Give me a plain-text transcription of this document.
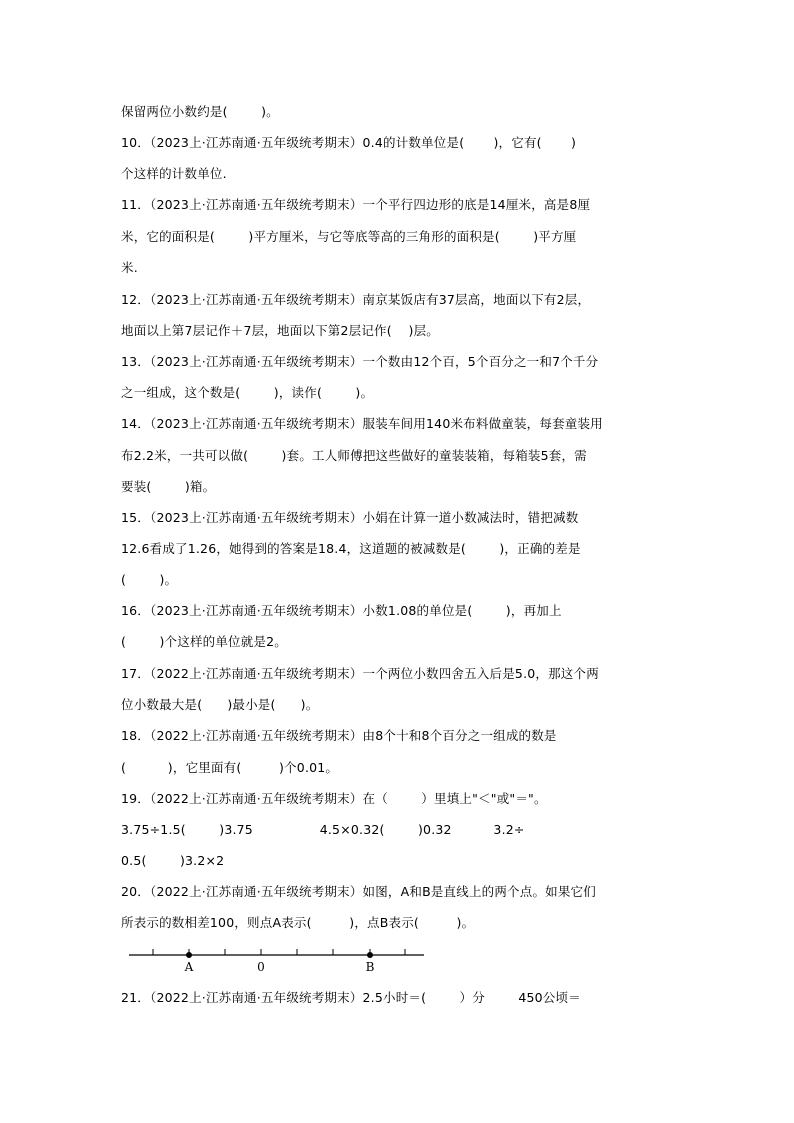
保留两位小数约是(        )。
10．（2023上·江苏南通·五年级统考期末）0.4的计数单位是(       )，它有(       )
个这样的计数单位.
11．（2023上·江苏南通·五年级统考期末）一个平行四边形的底是14厘米，高是8厘
米，它的面积是(        )平方厘米，与它等底等高的三角形的面积是(        )平方厘
米.
12．（2023上·江苏南通·五年级统考期末）南京某饭店有37层高，地面以下有2层，
地面以上第7层记作＋7层，地面以下第2层记作(    )层。
13．（2023上·江苏南通·五年级统考期末）一个数由12个百，5个百分之一和7个千分
之一组成，这个数是(        )，读作(        )。
14．（2023上·江苏南通·五年级统考期末）服装车间用140米布料做童装，每套童装用
布2.2米，一共可以做(        )套。工人师傅把这些做好的童装装箱，每箱装5套，需
要装(        )箱。
15．（2023上·江苏南通·五年级统考期末）小娟在计算一道小数减法时，错把减数
12.6看成了1.26，她得到的答案是18.4，这道题的被减数是(        )，正确的差是
(        )。
16．（2023上·江苏南通·五年级统考期末）小数1.08的单位是(        )，再加上
(        )个这样的单位就是2。
17．（2022上·江苏南通·五年级统考期末）一个两位小数四舍五入后是5.0，那这个两
位小数最大是(      )最小是(      )。
18．（2022上·江苏南通·五年级统考期末）由8个十和8个百分之一组成的数是
(          )，它里面有(         )个0.01。
19．（2022上·江苏南通·五年级统考期末）在（        ）里填上"＜"或"＝"。
3.75÷1.5(        )3.75                4.5×0.32(        )0.32          3.2÷
0.5(        )3.2×2
20．（2022上·江苏南通·五年级统考期末）如图，A和B是直线上的两个点。如果它们
所表示的数相差100，则点A表示(         )，点B表示(         )。
21．（2022上·江苏南通·五年级统考期末）2.5小时＝(        ）分        450公顷＝
A	0	B
